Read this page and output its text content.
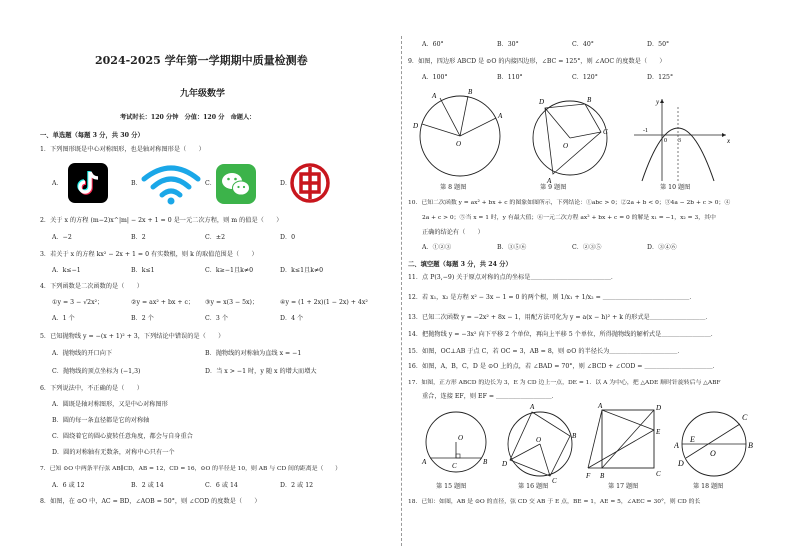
2024-2025 学年第一学期期中质量检测卷
九年级数学
考试时长：120 分钟　分值：120 分　命题人：
一、单选题（每题 3 分，共 30 分）
1．下列图形既是中心对称图形，也是轴对称图形是（　　）
A．	B．	C．	D．
2．关于 x 的方程 (m−2)x^|m| − 2x + 1 = 0 是一元二次方程，则 m 的值是（　　）
A．−2	B．2	C．±2	D．0
3．若关于 x 的方程 kx² − 2x + 1 = 0 有实数根，则 k 的取值范围是（　　）
A．k≤−1	B．k≤1	C．k≥−1且k≠0	D．k≤1且k≠0
4．下列函数是二次函数的是（　　）
①y = 3 − √2x²；	②y = ax² + bx + c； ③y = x(3 − 5x)；	④y = (1 + 2x)(1 − 2x) + 4x²
A．1 个	B．2 个	C．3 个	D．4 个
5．已知抛物线 y = −(x + 1)² + 3，下列结论中错误的是（　　）
A．抛物线的开口向下	B．抛物线的对称轴为直线 x = −1
C．抛物线的顶点坐标为 (−1,3)	D．当 x > −1 时，y 随 x 的增大而增大
6．下列说法中，不正确的是（　　）
A．圆既是轴对称图形，又是中心对称图形
B．圆的每一条直径都是它的对称轴
C．圆绕着它的圆心旋转任意角度，都会与自身重合
D．圆的对称轴有无数条，对称中心只有一个
7．已知 ⊙O 中两条平行弦 AB∥CD，AB = 12，CD = 16，⊙O 的半径是 10，则 AB 与 CD 间的距离是（　　）
A．6 或 12	B．2 或 14	C．6 或 14	D．2 或 12
8．如图，在 ⊙O 中，AC = BD，∠AOB = 50°，则 ∠COD 的度数是（　　）
A．60°	B．30°	C．40°	D．50°
9．如图，四边形 ABCD 是 ⊙O 的内接四边形，∠BC = 125°，则 ∠AOC 的度数是（　　）
A．100°	B．110°	C．120°	D．125°
A	B
A
D
O
第 8 题图
D	B
C
A
O
第 9 题图
x
y
-1
0 3
第 10 题图
10．已知二次函数 y = ax² + bx + c 的图象如图所示，下列结论：①abc > 0；②2a + b < 0；③4a − 2b + c > 0；④
2a + c > 0；⑤当 x = 1 时，y 有最大值；⑥一元二次方程 ax² + bx + c = 0 的解是 x₁ = −1，x₂ = 3，其中
正确的结论有（　　）
A．①②③	B．③⑤⑥	C．②③⑤	D．③④⑥
二、填空题（每题 3 分，共 24 分）
11．点 P(3,−9) 关于原点对称的点的坐标是＿＿＿＿＿＿＿＿＿＿＿＿＿．
12．若 x₁，x₂ 是方程 x² − 3x − 1 = 0 的两个根，则 1/x₁ + 1/x₂ = ＿＿＿＿＿＿＿＿＿＿＿＿＿＿．
13．已知二次函数 y = −2x² + 8x − 1，用配方法可化为 y = a(x − h)² + k 的形式是＿＿＿＿＿＿＿＿＿．
14．把抛物线 y = −3x² 向下平移 2 个单位，再向上平移 5 个单位，所得抛物线的解析式是＿＿＿＿＿＿＿＿．
15．如图，OC⊥AB 于点 C，若 OC = 3，AB = 8，则 ⊙O 的半径长为＿＿＿＿＿＿＿＿＿＿＿．
16．如图，A，B，C，D 是 ⊙O 上的点，若 ∠BAD = 70°，则 ∠BCD + ∠COD = ＿＿＿＿＿＿＿＿＿＿＿．
17．如图，正方形 ABCD 的边长为 3，E 为 CD 边上一点，DE = 1．以 A 为中心，把 △ADE 顺时针旋转后与 △ABF
重合，连接 EF，则 EF = ＿＿＿＿＿＿＿＿＿．
A	B
C
O
第 15 题图
A
B
C
D
O
第 16 题图
A	D
E
C
F B
第 17 题图
A	B
C
D
E
O
第 18 题图
18．已知：如图，AB 是 ⊙O 的直径，弦 CD 交 AB 于 E 点，BE = 1，AE = 5，∠AEC = 30°，则 CD 的长
